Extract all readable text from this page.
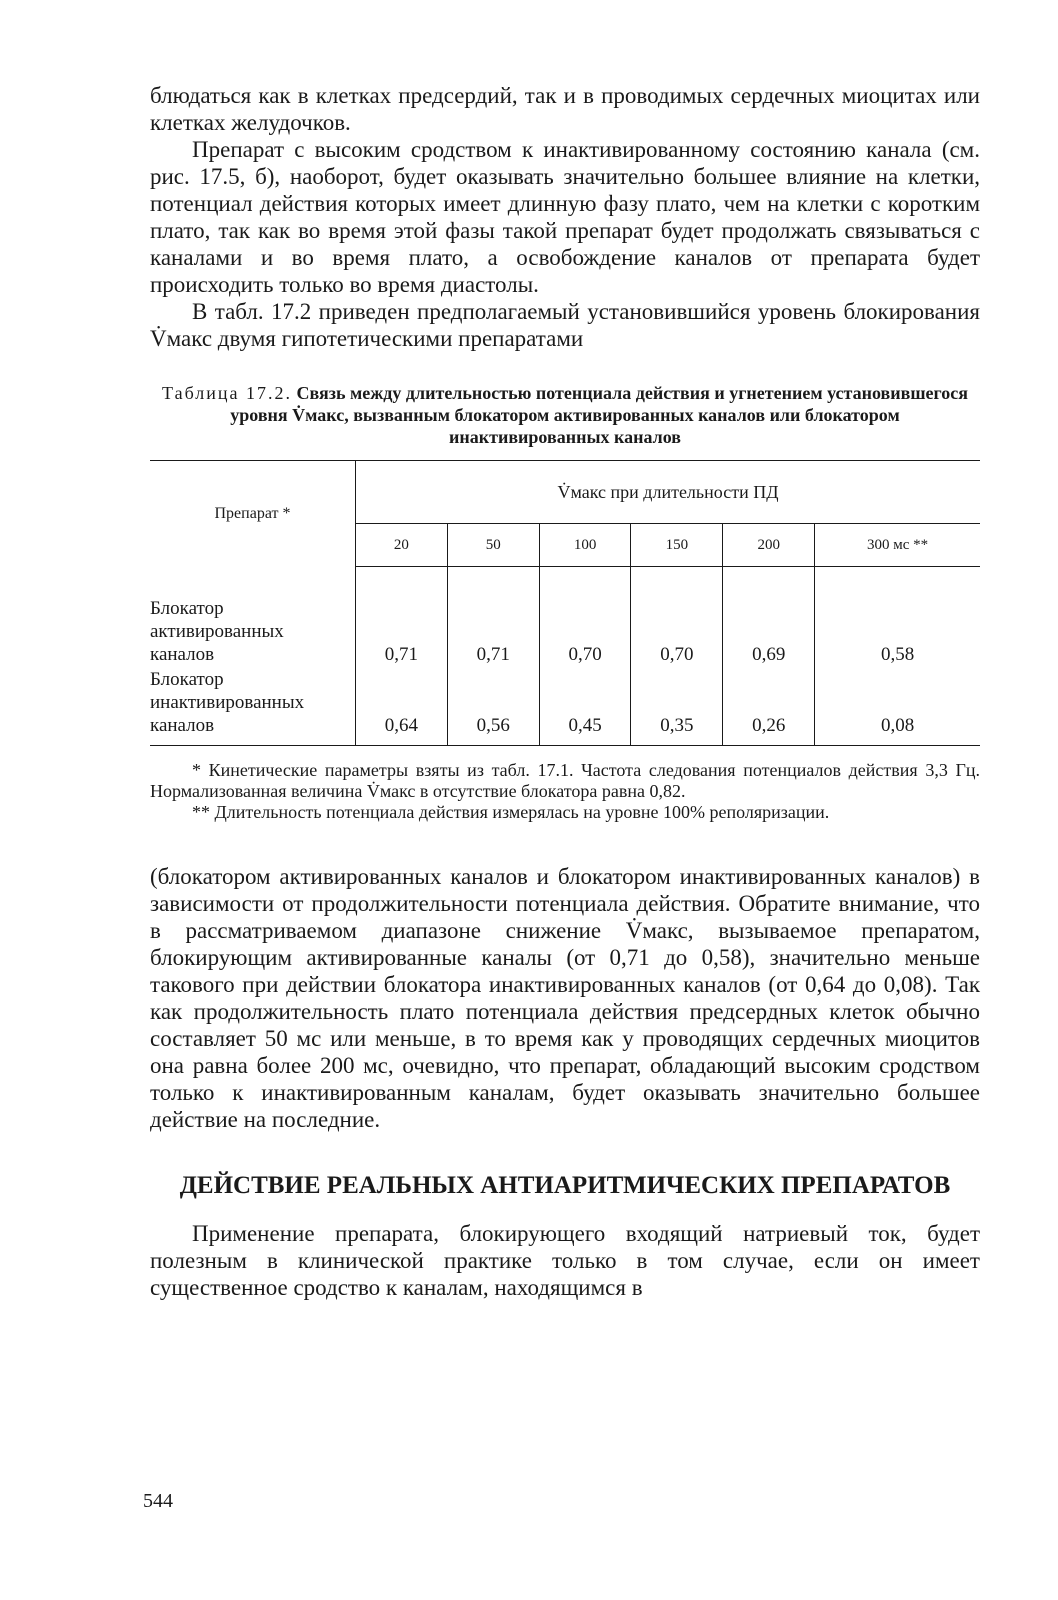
блюдаться как в клетках предсердий, так и в проводимых сердечных миоцитах или клетках желудочков.

Препарат с высоким сродством к инактивированному состоянию канала (см. рис. 17.5, б), наоборот, будет оказывать значительно большее влияние на клетки, потенциал действия которых имеет длинную фазу плато, чем на клетки с коротким плато, так как во время этой фазы такой препарат будет продолжать связываться с каналами и во время плато, а освобождение каналов от препарата будет происходить только во время диастолы.

В табл. 17.2 приведен предполагаемый установившийся уровень блокирования V̇макс двумя гипотетическими препаратами

Таблица 17.2. Связь между длительностью потенциала действия и угнетением установившегося уровня V̇макс, вызванным блокатором активированных каналов или блокатором инактивированных каналов
Препарат *	V̇макс при длительности ПД					
	20	50	100	150	200	300 мс **
Блокатор активированных каналов	0,71	0,71	0,70	0,70	0,69	0,58
Блокатор инактивированных каналов	0,64	0,56	0,45	0,35	0,26	0,08

* Кинетические параметры взяты из табл. 17.1. Частота следования потенциалов действия 3,3 Гц. Нормализованная величина V̇макс в отсутствие блокатора равна 0,82.

** Длительность потенциала действия измерялась на уровне 100% реполяризации.

(блокатором активированных каналов и блокатором инактивированных каналов) в зависимости от продолжительности потенциала действия. Обратите внимание, что в рассматриваемом диапазоне снижение V̇макс, вызываемое препаратом, блокирующим активированные каналы (от 0,71 до 0,58), значительно меньше такового при действии блокатора инактивированных каналов (от 0,64 до 0,08). Так как продолжительность плато потенциала действия предсердных клеток обычно составляет 50 мс или меньше, в то время как у проводящих сердечных миоцитов она равна более 200 мс, очевидно, что препарат, обладающий высоким сродством только к инактивированным каналам, будет оказывать значительно большее действие на последние.

ДЕЙСТВИЕ РЕАЛЬНЫХ АНТИАРИТМИЧЕСКИХ ПРЕПАРАТОВ

Применение препарата, блокирующего входящий натриевый ток, будет полезным в клинической практике только в том случае, если он имеет существенное сродство к каналам, находящимся в

544
